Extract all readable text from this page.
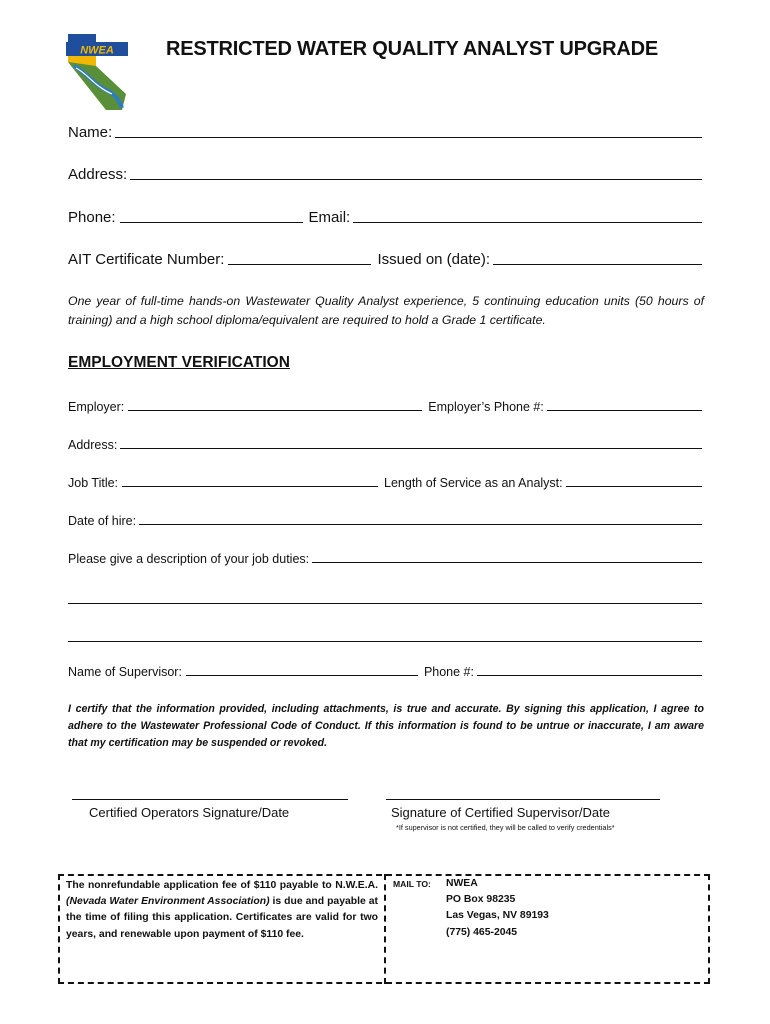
NWEA	RESTRICTED WATER QUALITY ANALYST UPGRADE
Name:
Address:
Phone:	Email:
AIT Certificate Number:	Issued on (date):
One year of full-time hands-on Wastewater Quality Analyst experience, 5 continuing education units (50 hours of training) and a high school diploma/equivalent are required to hold a Grade 1 certificate.
EMPLOYMENT VERIFICATION
Employer:	Employer’s Phone #:
Address:
Job Title:	Length of Service as an Analyst:
Date of hire:
Please give a description of your job duties:
Name of Supervisor:	Phone #:
I certify that the information provided, including attachments, is true and accurate. By signing this application, I agree to adhere to the Wastewater Professional Code of Conduct. If this information is found to be untrue or inaccurate, I am aware that my certification may be suspended or revoked.
Certified Operators Signature/Date	Signature of Certified Supervisor/Date
*If supervisor is not certified, they will be called to verify credentials*
The nonrefundable application fee of $110 payable to N.W.E.A. (Nevada Water Environment Association) is due and payable at the time of filing this application. Certificates are valid for two years, and renewable upon payment of $110 fee.
MAIL TO: NWEA
PO Box 98235
Las Vegas, NV 89193
(775) 465-2045
